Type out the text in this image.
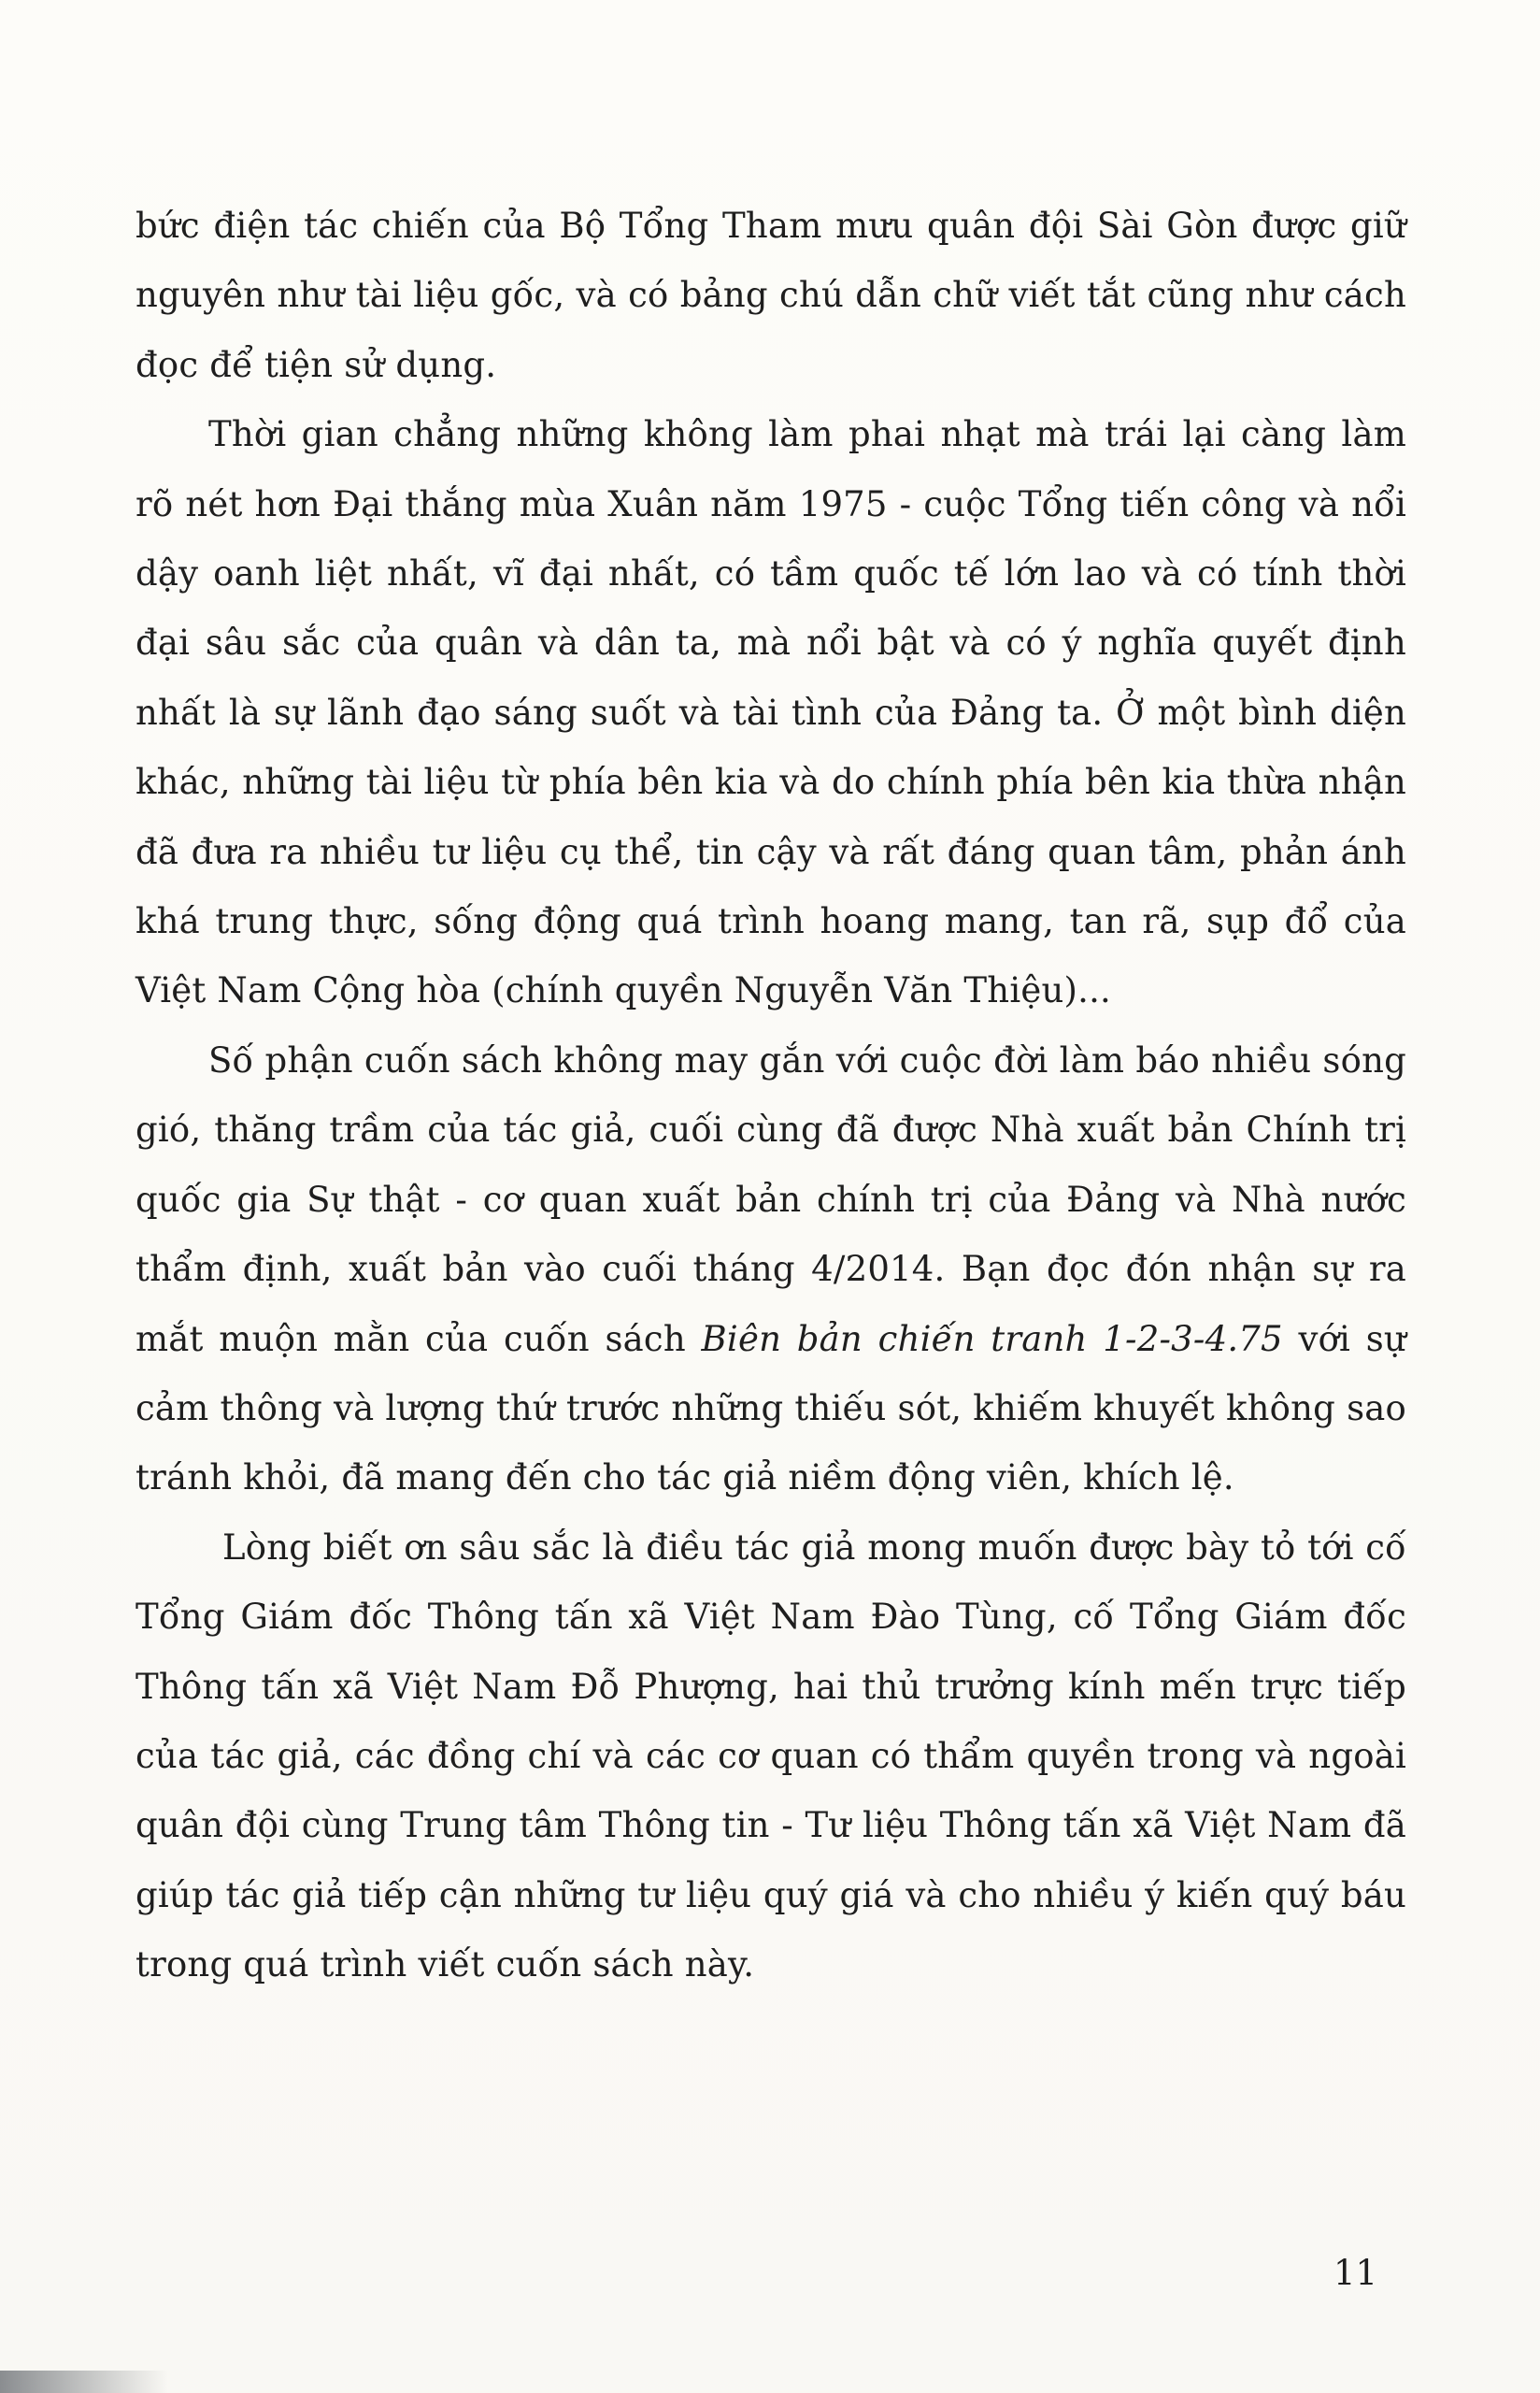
bức điện tác chiến của Bộ Tổng Tham mưu quân đội Sài Gòn được giữ nguyên như tài liệu gốc, và có bảng chú dẫn chữ viết tắt cũng như cách đọc để tiện sử dụng.

Thời gian chẳng những không làm phai nhạt mà trái lại càng làm rõ nét hơn Đại thắng mùa Xuân năm 1975 - cuộc Tổng tiến công và nổi dậy oanh liệt nhất, vĩ đại nhất, có tầm quốc tế lớn lao và có tính thời đại sâu sắc của quân và dân ta, mà nổi bật và có ý nghĩa quyết định nhất là sự lãnh đạo sáng suốt và tài tình của Đảng ta. Ở một bình diện khác, những tài liệu từ phía bên kia và do chính phía bên kia thừa nhận đã đưa ra nhiều tư liệu cụ thể, tin cậy và rất đáng quan tâm, phản ánh khá trung thực, sống động quá trình hoang mang, tan rã, sụp đổ của Việt Nam Cộng hòa (chính quyền Nguyễn Văn Thiệu)...

Số phận cuốn sách không may gắn với cuộc đời làm báo nhiều sóng gió, thăng trầm của tác giả, cuối cùng đã được Nhà xuất bản Chính trị quốc gia Sự thật - cơ quan xuất bản chính trị của Đảng và Nhà nước thẩm định, xuất bản vào cuối tháng 4/2014. Bạn đọc đón nhận sự ra mắt muộn mằn của cuốn sách Biên bản chiến tranh 1-2-3-4.75 với sự cảm thông và lượng thứ trước những thiếu sót, khiếm khuyết không sao tránh khỏi, đã mang đến cho tác giả niềm động viên, khích lệ.

Lòng biết ơn sâu sắc là điều tác giả mong muốn được bày tỏ tới cố Tổng Giám đốc Thông tấn xã Việt Nam Đào Tùng, cố Tổng Giám đốc Thông tấn xã Việt Nam Đỗ Phượng, hai thủ trưởng kính mến trực tiếp của tác giả, các đồng chí và các cơ quan có thẩm quyền trong và ngoài quân đội cùng Trung tâm Thông tin - Tư liệu Thông tấn xã Việt Nam đã giúp tác giả tiếp cận những tư liệu quý giá và cho nhiều ý kiến quý báu trong quá trình viết cuốn sách này.

11
